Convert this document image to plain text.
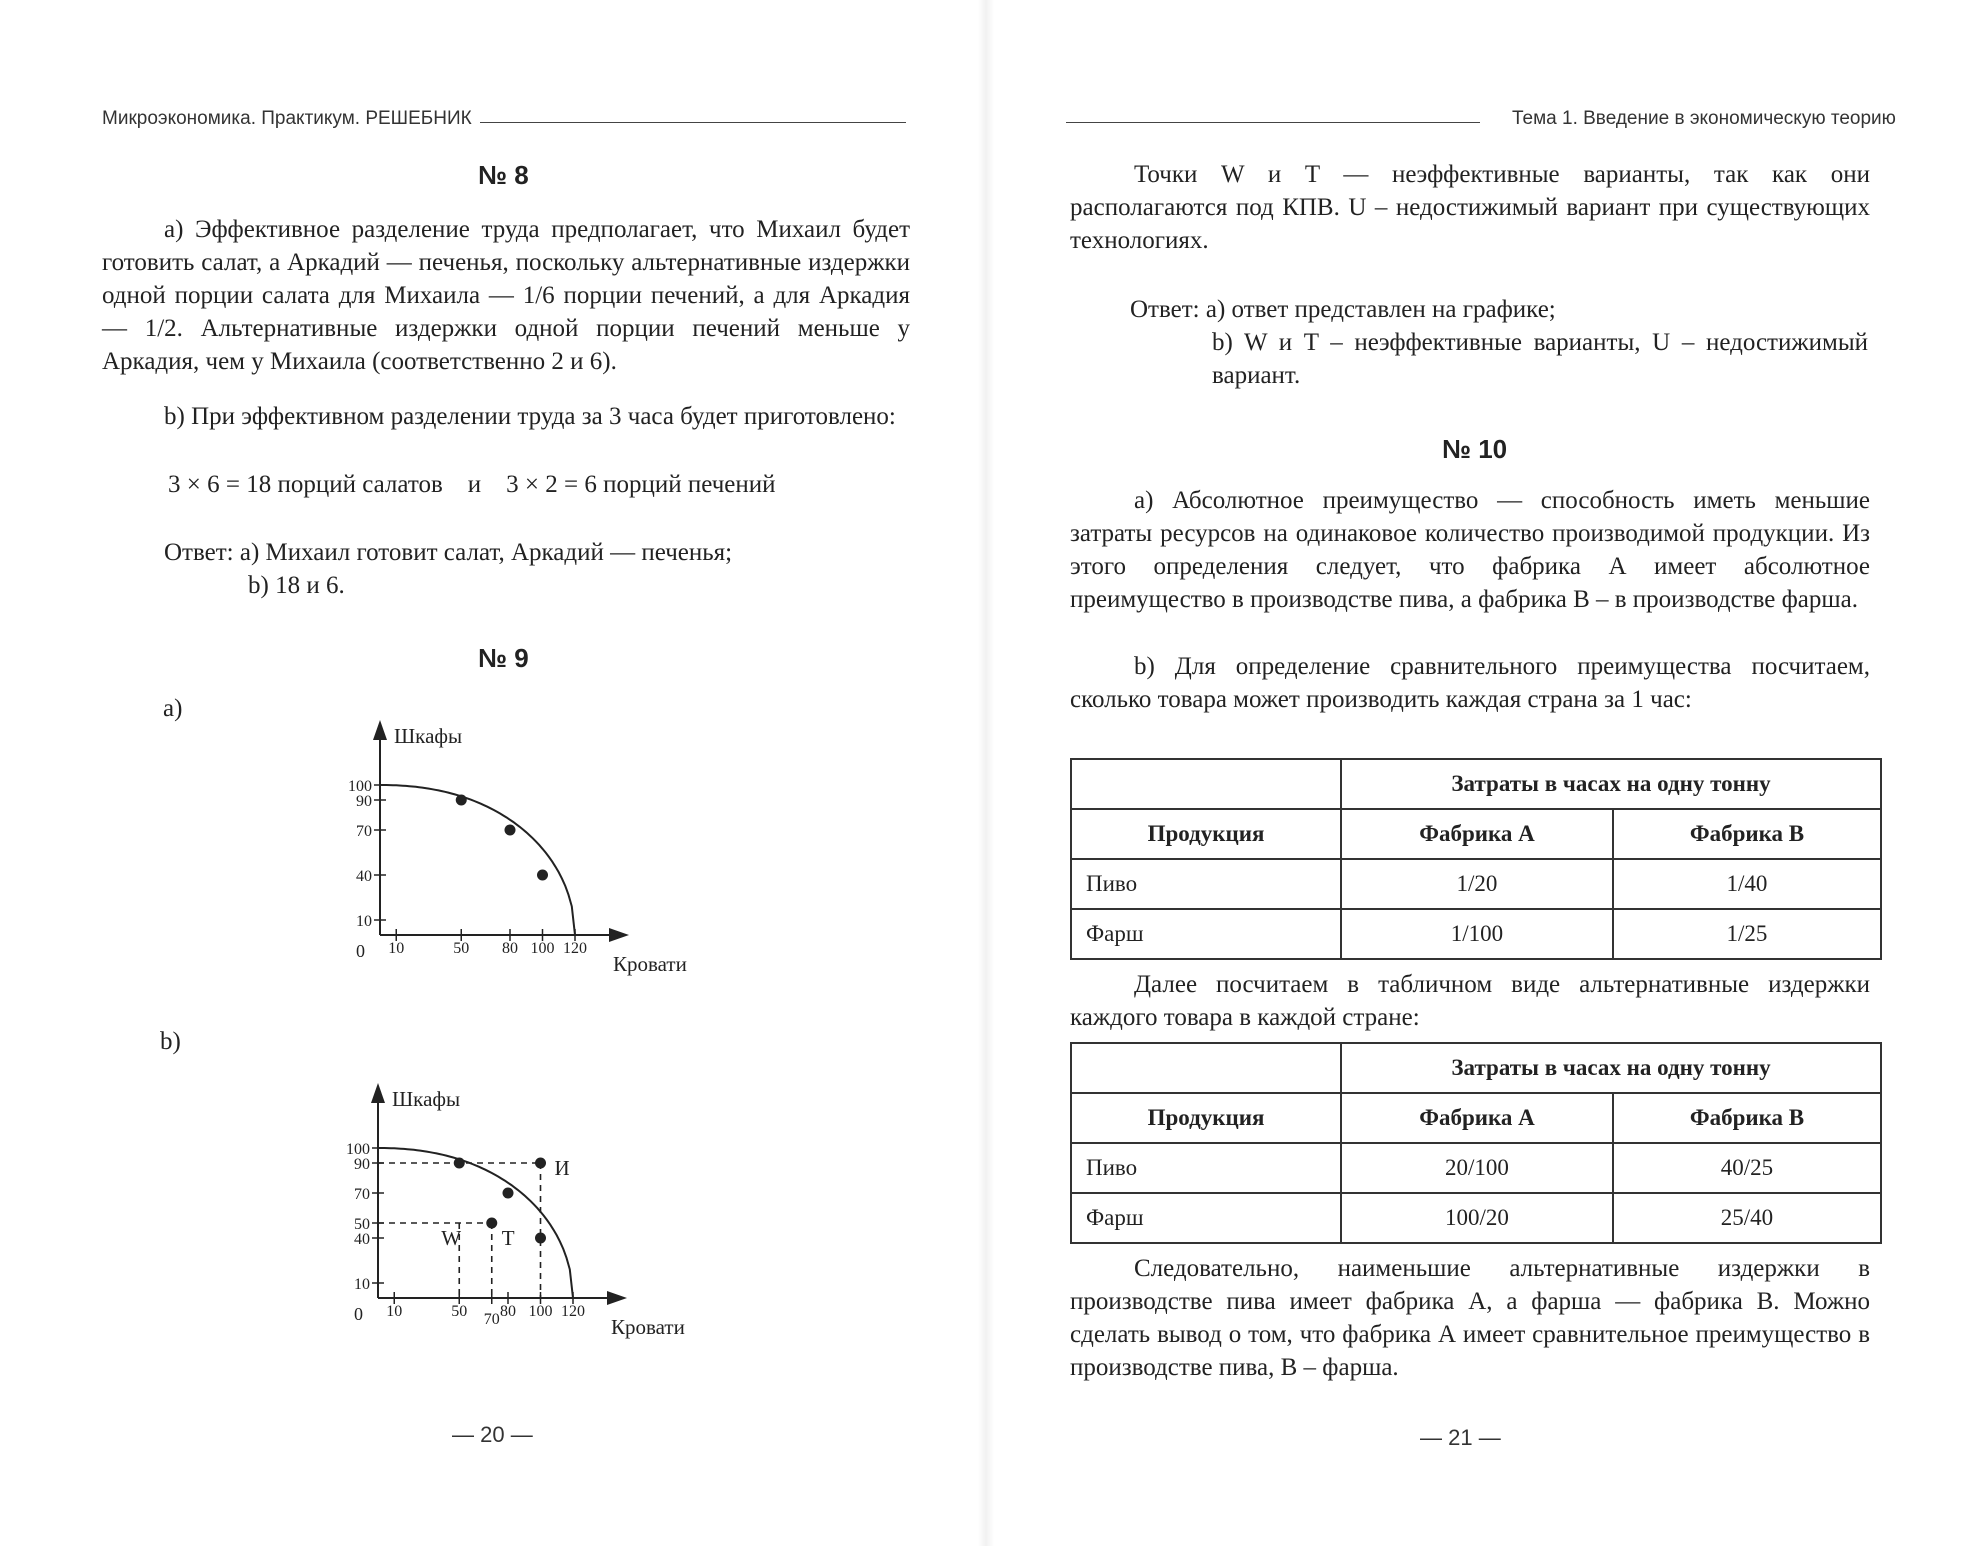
Микроэкономика. Практикум. РЕШЕБНИК
№ 8
а) Эффективное разделение труда предполагает, что Михаил будет готовить салат, а Аркадий — печенья, поскольку альтернативные издержки одной порции салата для Михаила — 1/6 порции печений, а для Аркадия — 1/2. Альтернативные издержки одной порции печений меньше у Аркадия, чем у Михаила (соответственно 2 и 6).
b) При эффективном разделении труда за 3 часа будет приготовлено:
3 × 6 = 18 порций салатов    и    3 × 2 = 6 порций печений
Ответ: а) Михаил готовит салат, Аркадий — печенья;
b) 18 и 6.
№ 9
a)
b)
Шкафы
Кровати
0
10
40
70
90
100
10	50 80 100 120
Шкафы
Кровати
0
10
40
50
70
90
100
10	50 70 80 100 120
W T
И
— 20 —
Тема 1. Введение в экономическую теорию
Точки W и T — неэффективные варианты, так как они располагаются под КПВ. U – недостижимый вариант при существующих технологиях.
Ответ: а) ответ представлен на графике;
b) W и T – неэффективные варианты, U – недостижимый вариант.
№ 10
а) Абсолютное преимущество — способность иметь меньшие затраты ресурсов на одинаковое количество производимой продукции. Из этого определения следует, что фабрика А имеет абсолютное преимущество в производстве пива, а фабрика В – в производстве фарша.
b) Для определение сравнительного преимущества посчитаем, сколько товара может производить каждая страна за 1 час:
	Затраты в часах на одну тонну	
Продукция	Фабрика А	Фабрика В
Пиво	1/20	1/40
Фарш	1/100	1/25
Далее посчитаем в табличном виде альтернативные издержки каждого товара в каждой стране:
	Затраты в часах на одну тонну	
Продукция	Фабрика А	Фабрика В
Пиво	20/100	40/25
Фарш	100/20	25/40
Следовательно, наименьшие альтернативные издержки в производстве пива имеет фабрика А, а фарша — фабрика В. Можно сделать вывод о том, что фабрика А имеет сравнительное преимущество в производстве пива, В – фарша.
— 21 —
